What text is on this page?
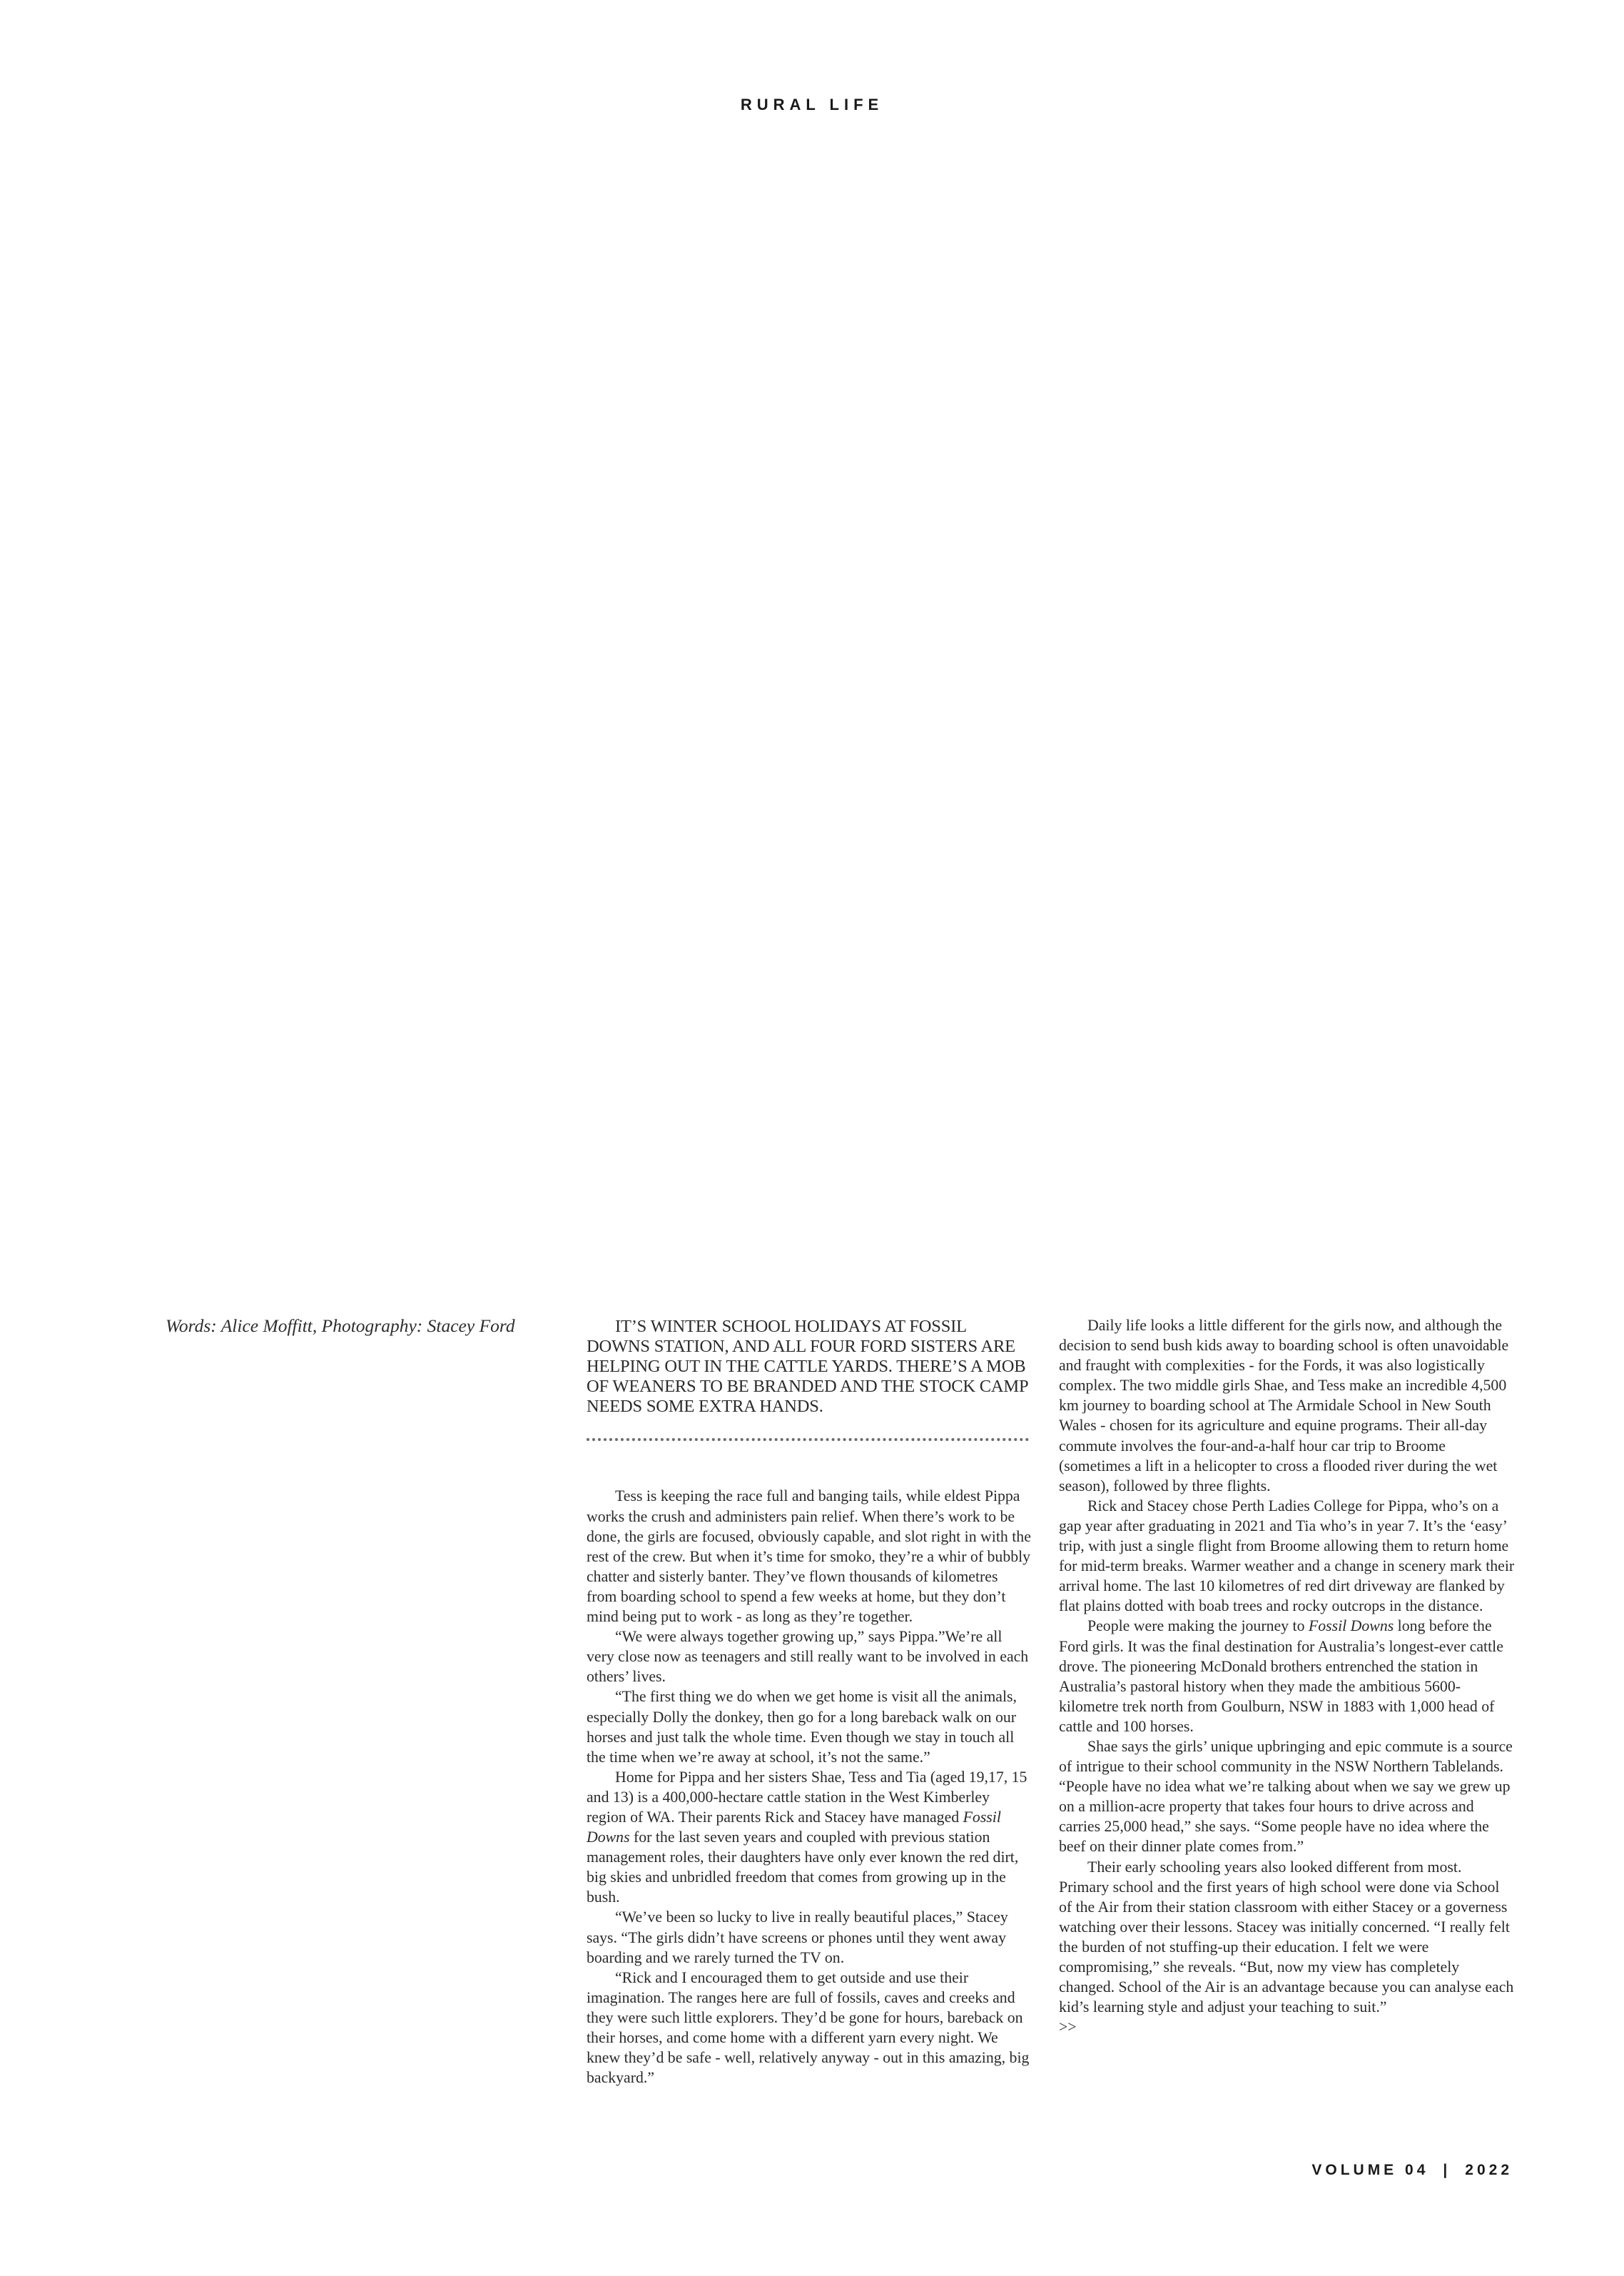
RURAL LIFE
Words: Alice Moffitt, Photography: Stacey Ford	IT’S WINTER SCHOOL HOLIDAYS AT FOSSIL DOWNS STATION, AND ALL FOUR FORD SISTERS ARE HELPING OUT IN THE CATTLE YARDS. THERE’S A MOB OF WEANERS TO BE BRANDED AND THE STOCK CAMP NEEDS SOME EXTRA HANDS.

Tess is keeping the race full and banging tails, while eldest Pippa works the crush and administers pain relief. When there’s work to be done, the girls are focused, obviously capable, and slot right in with the rest of the crew. But when it’s time for smoko, they’re a whir of bubbly chatter and sisterly banter. They’ve flown thousands of kilometres from boarding school to spend a few weeks at home, but they don’t mind being put to work - as long as they’re together.

“We were always together growing up,” says Pippa.”We’re all very close now as teenagers and still really want to be involved in each others’ lives.

“The first thing we do when we get home is visit all the animals, especially Dolly the donkey, then go for a long bareback walk on our horses and just talk the whole time. Even though we stay in touch all the time when we’re away at school, it’s not the same.”

Home for Pippa and her sisters Shae, Tess and Tia (aged 19,17, 15 and 13) is a 400,000-hectare cattle station in the West Kimberley region of WA. Their parents Rick and Stacey have managed Fossil Downs for the last seven years and coupled with previous station management roles, their daughters have only ever known the red dirt, big skies and unbridled freedom that comes from growing up in the bush.

“We’ve been so lucky to live in really beautiful places,” Stacey says. “The girls didn’t have screens or phones until they went away boarding and we rarely turned the TV on.

“Rick and I encouraged them to get outside and use their imagination. The ranges here are full of fossils, caves and creeks and they were such little explorers. They’d be gone for hours, bareback on their horses, and come home with a different yarn every night. We knew they’d be safe - well, relatively anyway - out in this amazing, big backyard.”

Daily life looks a little different for the girls now, and although the decision to send bush kids away to boarding school is often unavoidable and fraught with complexities - for the Fords, it was also logistically complex. The two middle girls Shae, and Tess make an incredible 4,500 km journey to boarding school at The Armidale School in New South Wales - chosen for its agriculture and equine programs. Their all-day commute involves the four-and-a-half hour car trip to Broome (sometimes a lift in a helicopter to cross a flooded river during the wet season), followed by three flights.

Rick and Stacey chose Perth Ladies College for Pippa, who’s on a gap year after graduating in 2021 and Tia who’s in year 7. It’s the ‘easy’ trip, with just a single flight from Broome allowing them to return home for mid-term breaks. Warmer weather and a change in scenery mark their arrival home. The last 10 kilometres of red dirt driveway are flanked by flat plains dotted with boab trees and rocky outcrops in the distance.

People were making the journey to Fossil Downs long before the Ford girls. It was the final destination for Australia’s longest-ever cattle drove. The pioneering McDonald brothers entrenched the station in Australia’s pastoral history when they made the ambitious 5600-kilometre trek north from Goulburn, NSW in 1883 with 1,000 head of cattle and 100 horses.

Shae says the girls’ unique upbringing and epic commute is a source of intrigue to their school community in the NSW Northern Tablelands. “People have no idea what we’re talking about when we say we grew up on a million-acre property that takes four hours to drive across and carries 25,000 head,” she says. “Some people have no idea where the beef on their dinner plate comes from.”

Their early schooling years also looked different from most. Primary school and the first years of high school were done via School of the Air from their station classroom with either Stacey or a governess watching over their lessons. Stacey was initially concerned. “I really felt the burden of not stuffing-up their education. I felt we were compromising,” she reveals. “But, now my view has completely changed. School of the Air is an advantage because you can analyse each kid’s learning style and adjust your teaching to suit.”

>>

VOLUME 04 | 2022
